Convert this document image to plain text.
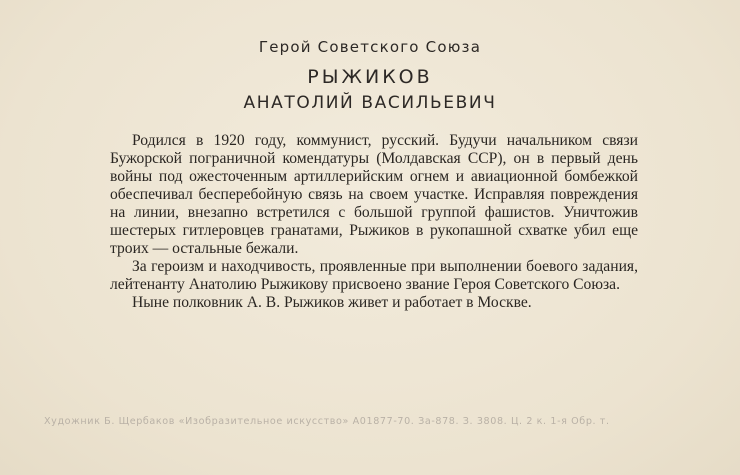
Герой Советского Союза
РЫЖИКОВ
АНАТОЛИЙ ВАСИЛЬЕВИЧ

Родился в 1920 году, коммунист, русский. Будучи начальником связи Бужорской пограничной комендатуры (Молдавская ССР), он в первый день войны под ожесточенным артиллерийским огнем и авиационной бомбежкой обеспечивал бесперебойную связь на своем участке. Исправляя повреждения на линии, внезапно встретился с большой группой фашистов. Уничтожив шестерых гитлеровцев гранатами, Рыжиков в рукопашной схватке убил еще троих — остальные бежали.

За героизм и находчивость, проявленные при выполнении боевого задания, лейтенанту Анатолию Рыжикову присвоено звание Героя Советского Союза.

Ныне полковник А. В. Рыжиков живет и работает в Москве.

Художник Б. Щербаков «Изобразительное искусство» А01877-70. За-878. З. 3808. Ц. 2 к. 1-я Обр. т.
